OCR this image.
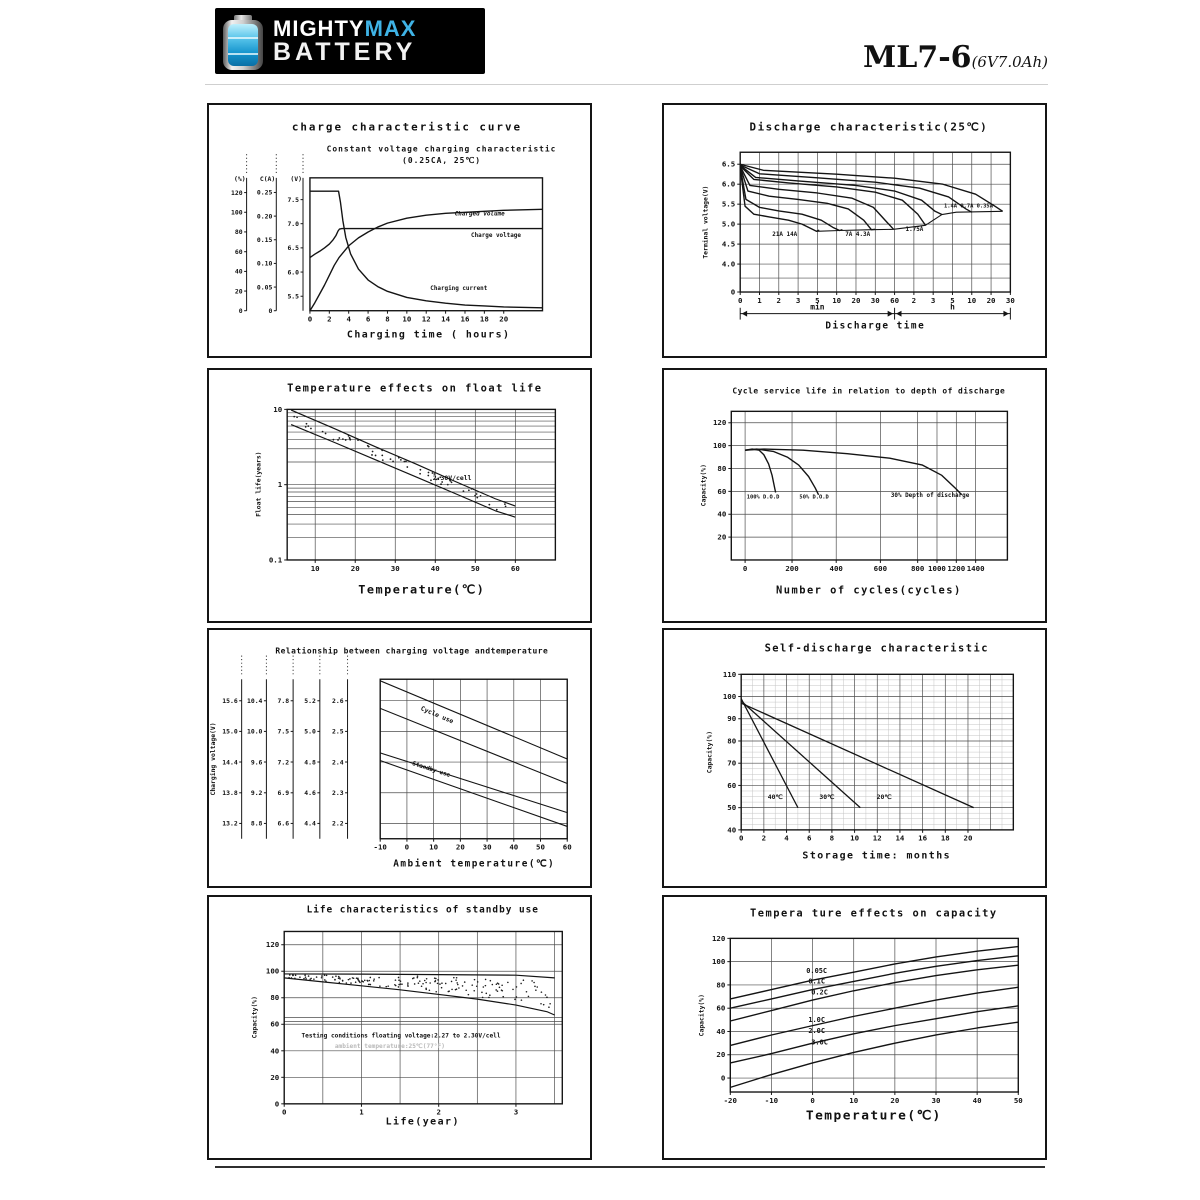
MIGHTYMAX
BATTERY	ML7-6(6V7.0Ah)
0 2 4 6 8 10 12 14 16 18 20
(%)
120
100
80
60
40
20
0
C(A)
0.25
0.20
0.15
0.10
0.05
0
(V)
7.5
7.0
6.5
6.0
5.5
Charged volume
Charge voltage
Charging current
charge characteristic curve
Constant voltage charging characteristic
(0.25CA, 25℃)
Charging time ( hours)
0 1 2 3 5 10 20 30 60 2 3 5 10 20 30
6.5
6.0
5.5
5.0
4.5
4.0
0
21A 14A	7A 4.3A
1.75A
1.4A 0.7A 0.35A
Discharge characteristic(25℃)
Terminal voltage(V)
min	h
Discharge time
10	20	30	40	50	60
10
1
0.1
2.30V/cell
Temperature effects on float life
Temperature(℃)
Float life(years)
0	200	400	600	800 1000 1200 1400
20
40
60
80
100
120
100% D.O.D	50% D.O.D	30% Depth of discharge
Cycle service life in relation to depth of discharge
Number of cycles(cycles)
Capacity(%)
-10 0	10 20 30 40 50 60
15.6
15.0
14.4
13.8
13.2
10.4
10.0
9.6
9.2
8.8
7.8
7.5
7.2
6.9
6.6
5.2
5.0
4.8
4.6
4.4
2.6
2.5
2.4
2.3
2.2
Cycle use
Standby use
Relationship between charging voltage andtemperature
Ambient temperature(℃)
Charging voltage(V)
0 2 4 6 8 10 12 14 16 18 20
40
50
60
70
80
90
100
110
40℃	30℃	20℃
Self-discharge characteristic
Storage time: months
Capacity(%)
0	1	2	3
0
20
40
60
80
100
120
Testing conditions floating voltage:2.27 to 2.30V/cell
ambient temperature:25℃(77°F)
Life characteristics of standby use
Life(year)
Capacity(%)
-20	-10	0	10	20	30	40	50
0
20
40
60
80
100
120
0.05C
0.1C
0.2C
1.0C
2.0C
3.0C
Tempera ture effects on capacity
Temperature(℃)
Capacity(%)
